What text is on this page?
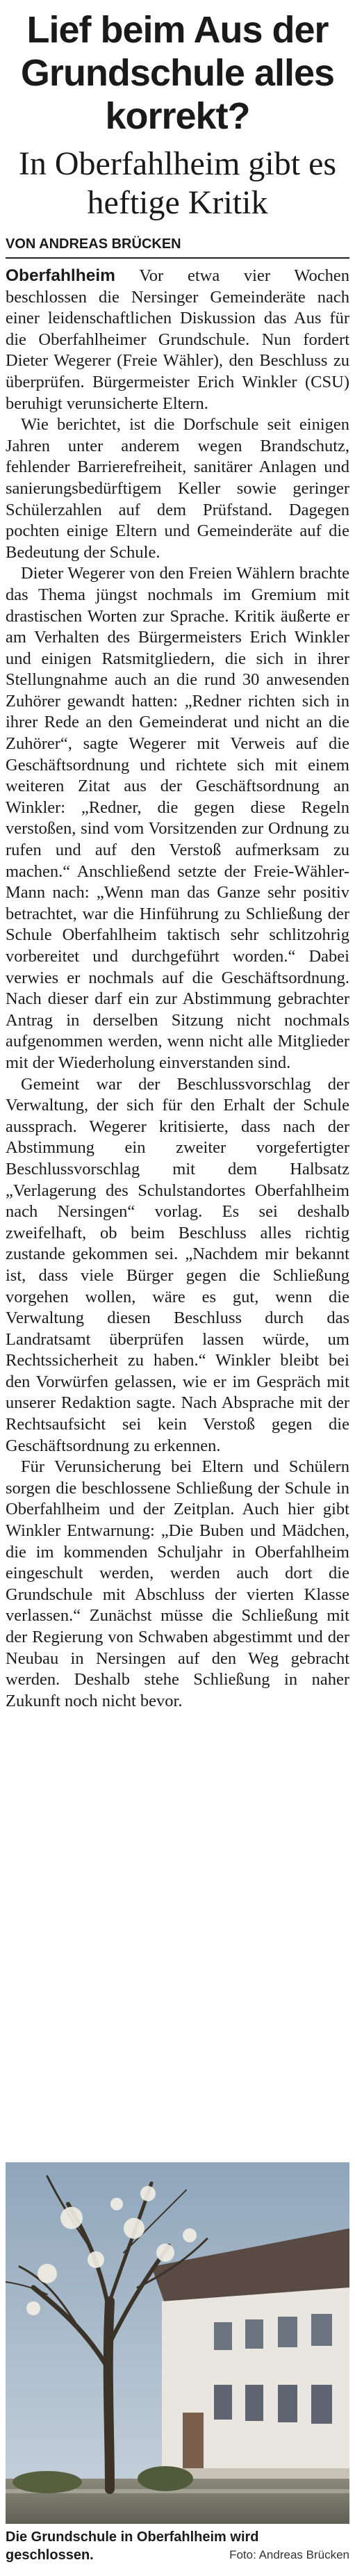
Lief beim Aus der Grundschule alles korrekt?
In Oberfahlheim gibt es heftige Kritik
VON ANDREAS BRÜCKEN

Oberfahlheim Vor etwa vier Wochen beschlossen die Nersinger Gemeinderäte nach einer leidenschaftlichen Diskussion das Aus für die Oberfahlheimer Grundschule. Nun fordert Dieter Wegerer (Freie Wähler), den Beschluss zu überprüfen. Bürgermeister Erich Winkler (CSU) beruhigt verunsicherte Eltern.

Wie berichtet, ist die Dorfschule seit einigen Jahren unter anderem wegen Brandschutz, fehlender Barrierefreiheit, sanitärer Anlagen und sanierungsbedürftigem Keller sowie geringer Schülerzahlen auf dem Prüfstand. Dagegen pochten einige Eltern und Gemeinderäte auf die Bedeutung der Schule.

Dieter Wegerer von den Freien Wählern brachte das Thema jüngst nochmals im Gremium mit drastischen Worten zur Sprache. Kritik äußerte er am Verhalten des Bürgermeisters Erich Winkler und einigen Ratsmitgliedern, die sich in ihrer Stellungnahme auch an die rund 30 anwesenden Zuhörer gewandt hatten: „Redner richten sich in ihrer Rede an den Gemeinderat und nicht an die Zuhörer“, sagte Wegerer mit Verweis auf die Geschäftsordnung und richtete sich mit einem weiteren Zitat aus der Geschäftsordnung an Winkler: „Redner, die gegen diese Regeln verstoßen, sind vom Vorsitzenden zur Ordnung zu rufen und auf den Verstoß aufmerksam zu machen.“ Anschließend setzte der Freie-Wähler-Mann nach: „Wenn man das Ganze sehr positiv betrachtet, war die Hinführung zu Schließung der Schule Oberfahlheim taktisch sehr schlitzohrig vorbereitet und durchgeführt worden.“ Dabei verwies er nochmals auf die Geschäftsordnung. Nach dieser darf ein zur Abstimmung gebrachter Antrag in derselben Sitzung nicht nochmals aufgenommen werden, wenn nicht alle Mitglieder mit der Wiederholung einverstanden sind.

Gemeint war der Beschlussvorschlag der Verwaltung, der sich für den Erhalt der Schule aussprach. Wegerer kritisierte, dass nach der Abstimmung ein zweiter vorgefertigter Beschlussvorschlag mit dem Halbsatz „Verlagerung des Schulstandortes Oberfahlheim nach Nersingen“ vorlag. Es sei deshalb zweifelhaft, ob beim Beschluss alles richtig zustande gekommen sei. „Nachdem mir bekannt ist, dass viele Bürger gegen die Schließung vorgehen wollen, wäre es gut, wenn die Verwaltung diesen Beschluss durch das Landratsamt überprüfen lassen würde, um Rechtssicherheit zu haben.“ Winkler bleibt bei den Vorwürfen gelassen, wie er im Gespräch mit unserer Redaktion sagte. Nach Absprache mit der Rechtsaufsicht sei kein Verstoß gegen die Geschäftsordnung zu erkennen.

Für Verunsicherung bei Eltern und Schülern sorgen die beschlossene Schließung der Schule in Oberfahlheim und der Zeitplan. Auch hier gibt Winkler Entwarnung: „Die Buben und Mädchen, die im kommenden Schuljahr in Oberfahlheim eingeschult werden, werden auch dort die Grundschule mit Abschluss der vierten Klasse verlassen.“ Zunächst müsse die Schließung mit der Regierung von Schwaben abgestimmt und der Neubau in Nersingen auf den Weg gebracht werden. Deshalb stehe Schließung in naher Zukunft noch nicht bevor.

Die Grundschule in Oberfahlheim wird geschlossen.	Foto: Andreas Brücken
